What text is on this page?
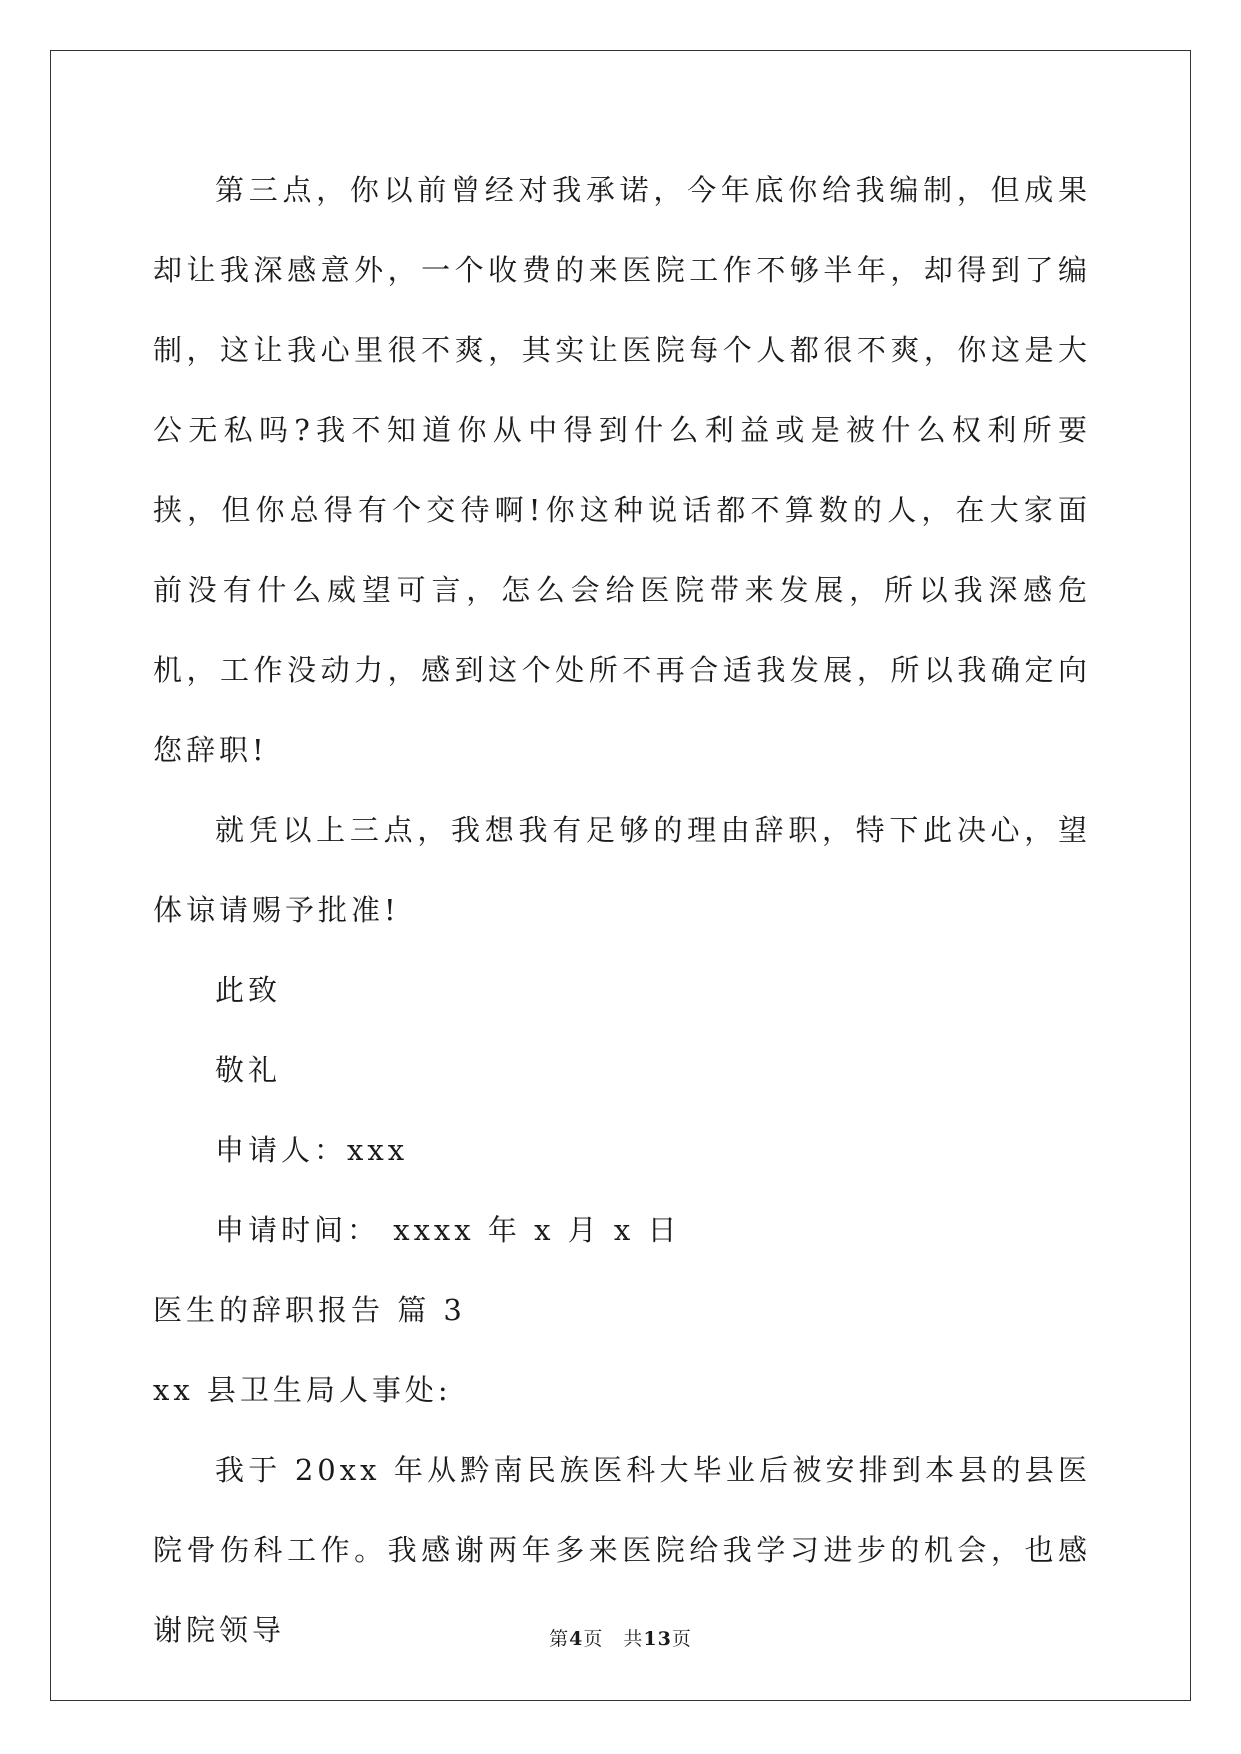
第三点，你以前曾经对我承诺，今年底你给我编制，但成果却让我深感意外，一个收费的来医院工作不够半年，却得到了编制，这让我心里很不爽，其实让医院每个人都很不爽，你这是大公无私吗?我不知道你从中得到什么利益或是被什么权利所要挟，但你总得有个交待啊!你这种说话都不算数的人，在大家面前没有什么威望可言，怎么会给医院带来发展，所以我深感危机，工作没动力，感到这个处所不再合适我发展，所以我确定向您辞职!

就凭以上三点，我想我有足够的理由辞职，特下此决心，望体谅请赐予批准!

此致

敬礼

申请人：xxx

申请时间： xxxx 年 x 月 x 日

医生的辞职报告 篇 3

xx 县卫生局人事处:

我于 20xx 年从黔南民族医科大毕业后被安排到本县的县医院骨伤科工作。我感谢两年多来医院给我学习进步的机会，也感谢院领导	第4页 共13页
